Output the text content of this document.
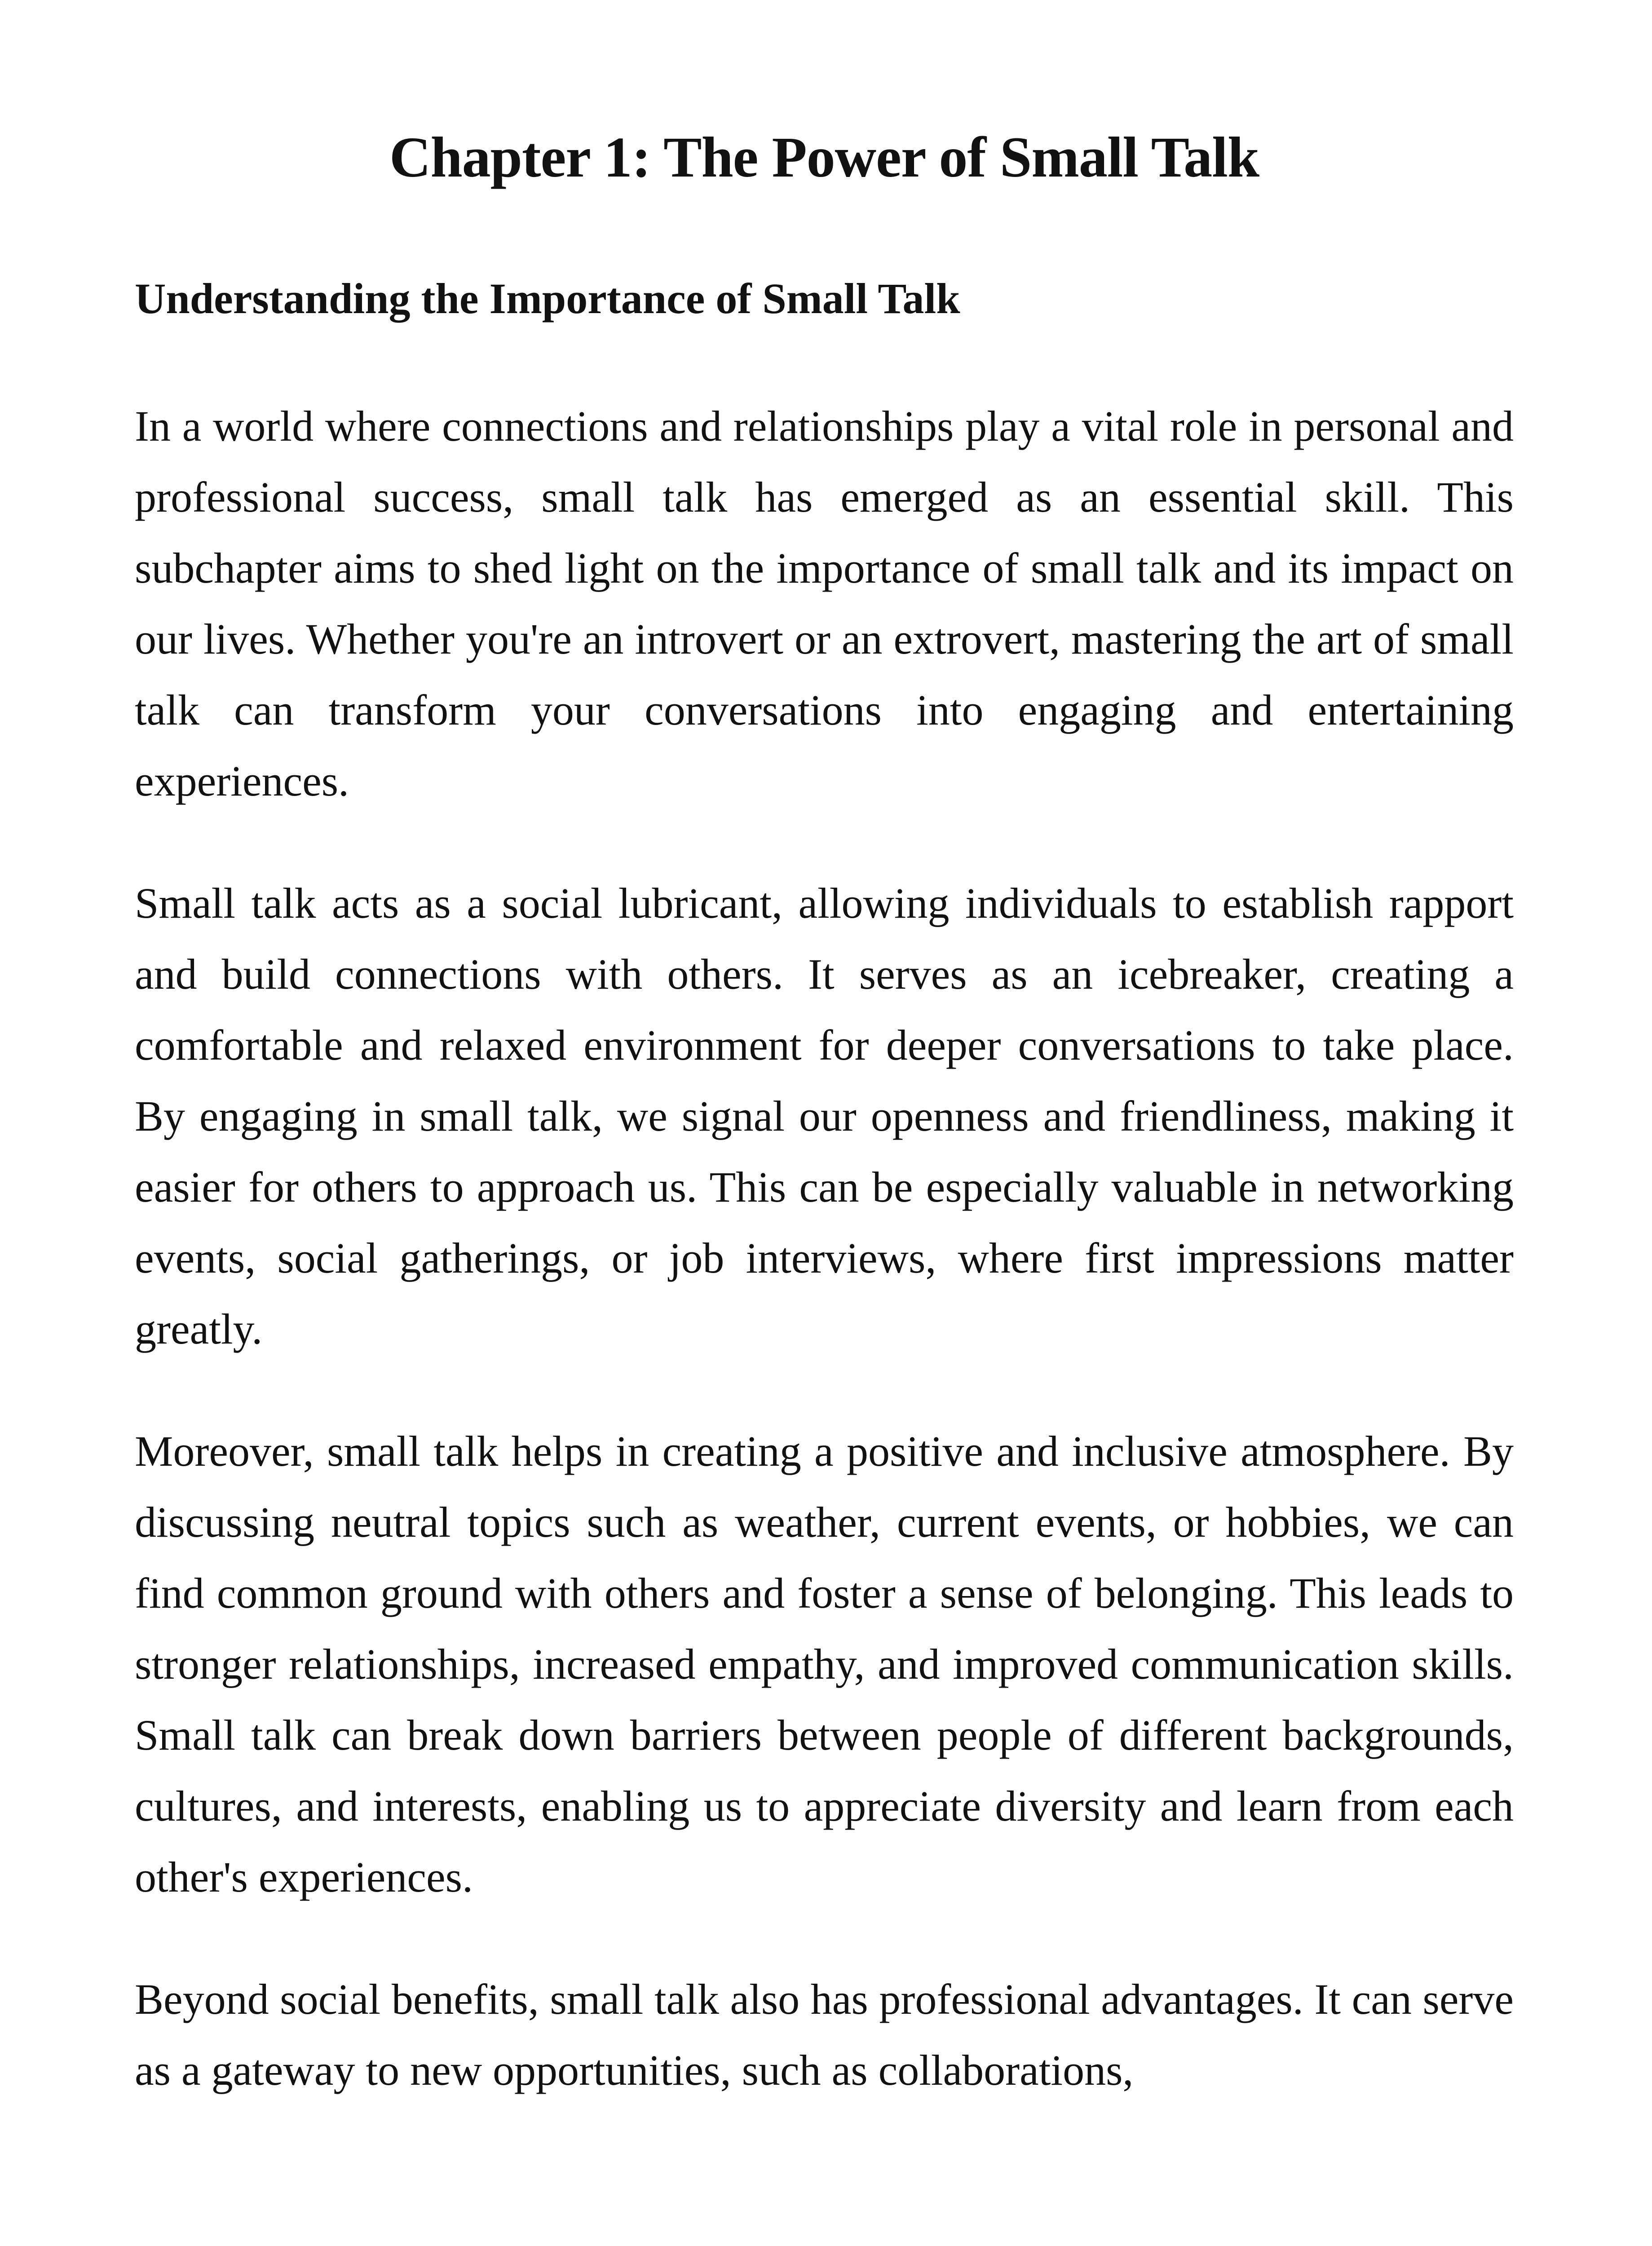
Chapter 1: The Power of Small Talk
Understanding the Importance of Small Talk

In a world where connections and relationships play a vital role in personal and professional success, small talk has emerged as an essential skill. This subchapter aims to shed light on the importance of small talk and its impact on our lives. Whether you're an introvert or an extrovert, mastering the art of small talk can transform your conversations into engaging and entertaining experiences.

Small talk acts as a social lubricant, allowing individuals to establish rapport and build connections with others. It serves as an icebreaker, creating a comfortable and relaxed environment for deeper conversations to take place. By engaging in small talk, we signal our openness and friendliness, making it easier for others to approach us. This can be especially valuable in networking events, social gatherings, or job interviews, where first impressions matter greatly.

Moreover, small talk helps in creating a positive and inclusive atmosphere. By discussing neutral topics such as weather, current events, or hobbies, we can find common ground with others and foster a sense of belonging. This leads to stronger relationships, increased empathy, and improved communication skills. Small talk can break down barriers between people of different backgrounds, cultures, and interests, enabling us to appreciate diversity and learn from each other's experiences.

Beyond social benefits, small talk also has professional advantages. It can serve as a gateway to new opportunities, such as collaborations,
